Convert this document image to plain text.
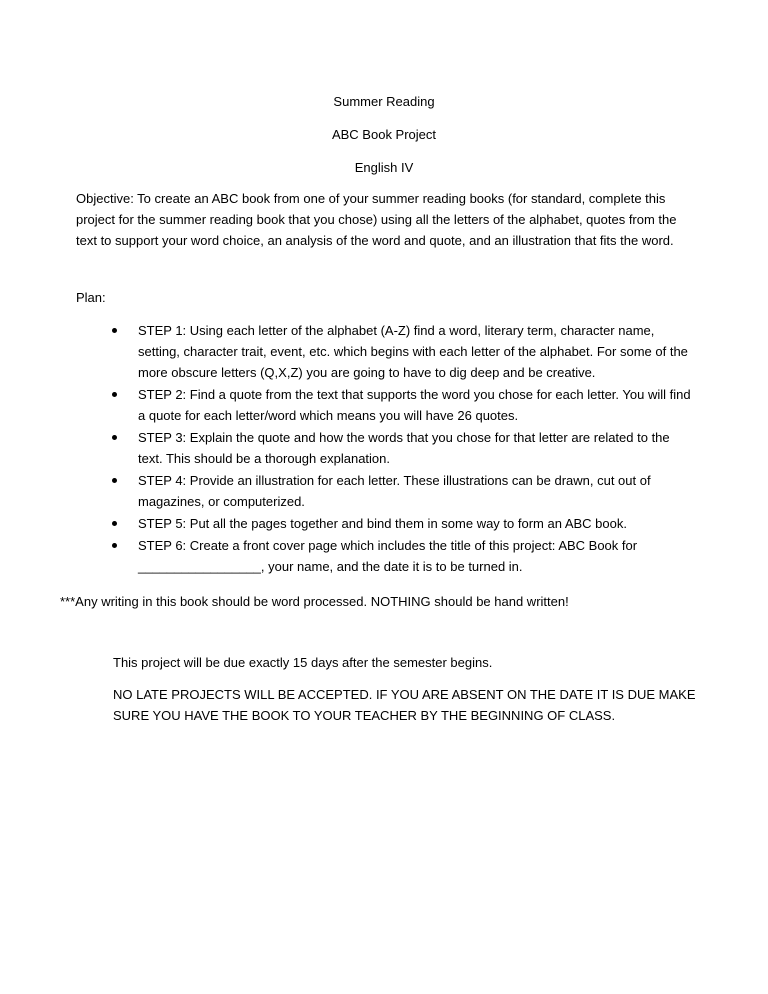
Summer Reading
ABC Book Project
English IV

Objective: To create an ABC book from one of your summer reading books (for standard, complete this project for the summer reading book that you chose) using all the letters of the alphabet, quotes from the text to support your word choice, an analysis of the word and quote, and an illustration that fits the word.

Plan:

STEP 1: Using each letter of the alphabet (A-Z) find a word, literary term, character name, setting, character trait, event, etc. which begins with each letter of the alphabet. For some of the more obscure letters (Q,X,Z) you are going to have to dig deep and be creative.
STEP 2: Find a quote from the text that supports the word you chose for each letter. You will find a quote for each letter/word which means you will have 26 quotes.
STEP 3: Explain the quote and how the words that you chose for that letter are related to the text. This should be a thorough explanation.
STEP 4: Provide an illustration for each letter. These illustrations can be drawn, cut out of magazines, or computerized.
STEP 5: Put all the pages together and bind them in some way to form an ABC book.
STEP 6: Create a front cover page which includes the title of this project: ABC Book for _________________, your name, and the date it is to be turned in.

***Any writing in this book should be word processed. NOTHING should be hand written!

This project will be due exactly 15 days after the semester begins.

NO LATE PROJECTS WILL BE ACCEPTED. IF YOU ARE ABSENT ON THE DATE IT IS DUE MAKE SURE YOU HAVE THE BOOK TO YOUR TEACHER BY THE BEGINNING OF CLASS.
